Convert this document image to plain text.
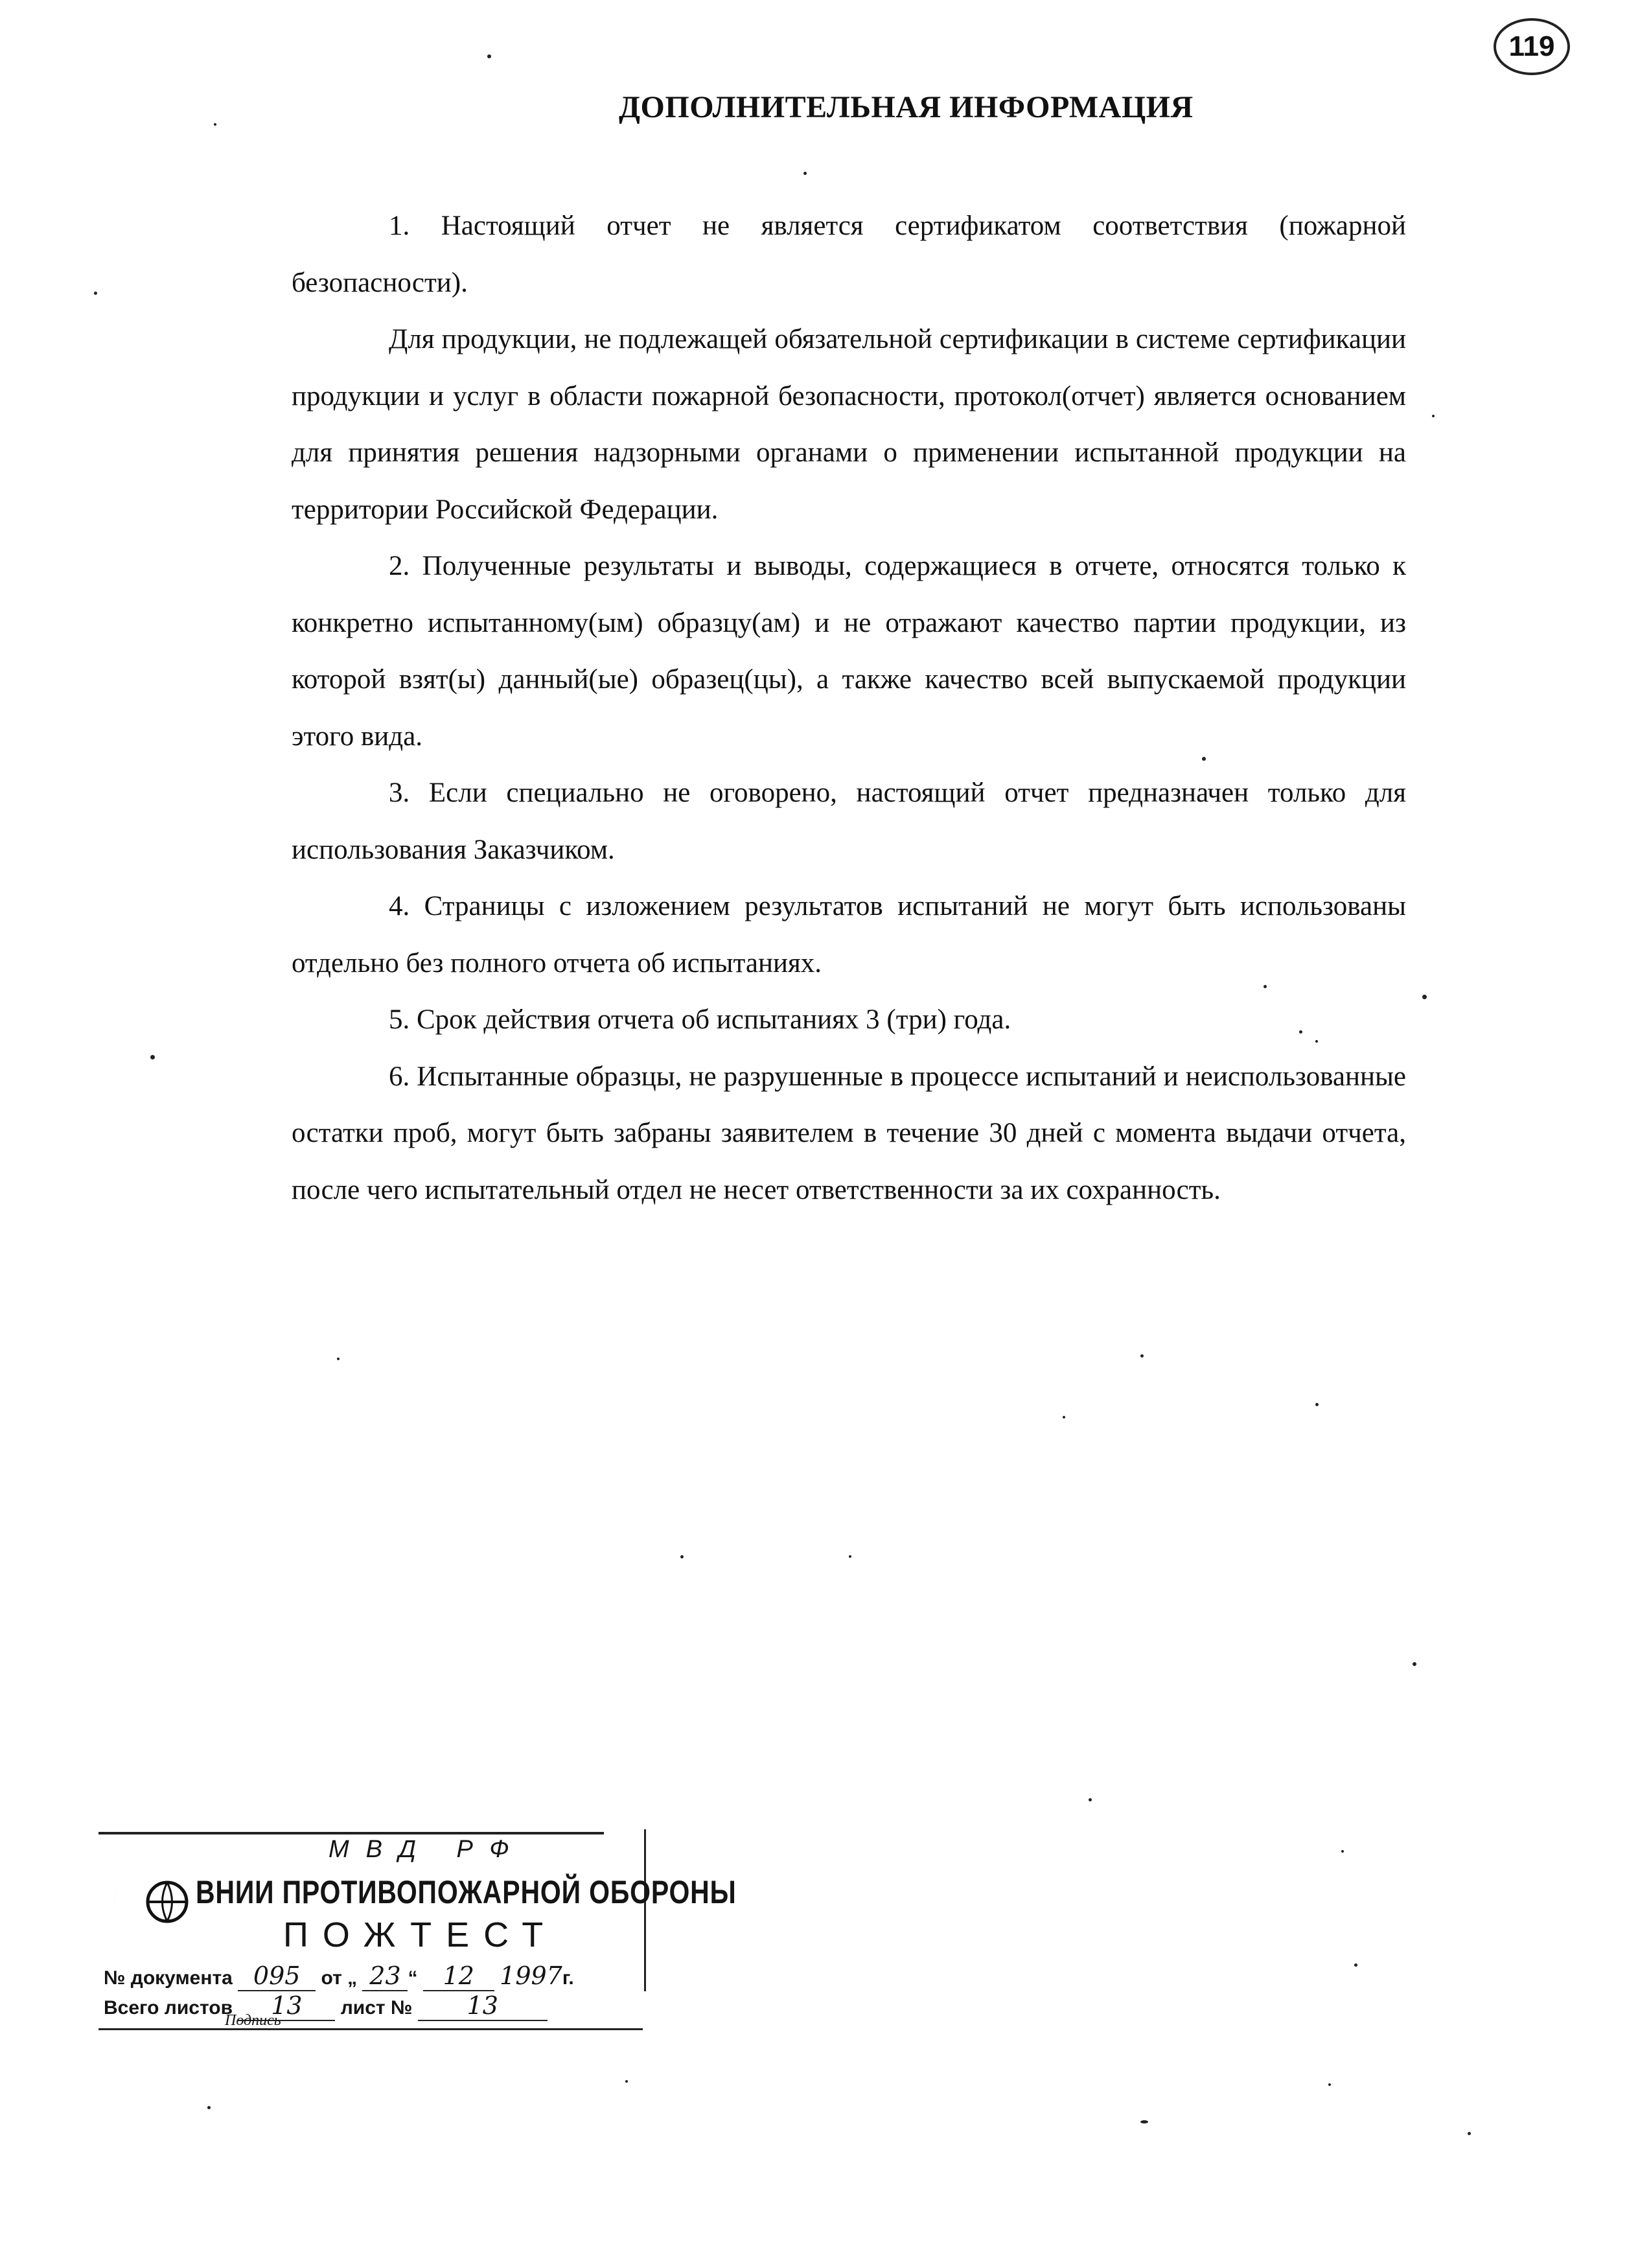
119
ДОПОЛНИТЕЛЬНАЯ ИНФОРМАЦИЯ

1. Настоящий отчет не является сертификатом соответствия (пожарной безопасности).

Для продукции, не подлежащей обязательной сертификации в системе сертификации продукции и услуг в области пожарной безопасности, протокол(отчет) является основанием для принятия решения надзорными органами о применении испытанной продукции на территории Российской Федерации.

2. Полученные результаты и выводы, содержащиеся в отчете, относятся только к конкретно испытанному(ым) образцу(ам) и не отражают качество партии продукции, из которой взят(ы) данный(ые) образец(цы), а также качество всей выпускаемой продукции этого вида.

3. Если специально не оговорено, настоящий отчет предназначен только для использования Заказчиком.

4. Страницы с изложением результатов испытаний не могут быть использованы отдельно без полного отчета об испытаниях.

5. Срок действия отчета об испытаниях 3 (три) года.

6. Испытанные образцы, не разрушенные в процессе испытаний и неиспользованные остатки проб, могут быть забраны заявителем в течение 30 дней с момента выдачи отчета, после чего испытательный отдел не несет ответственности за их сохранность.

МВД РФ
ВНИИ ПРОТИВОПОЖАРНОЙ ОБОРОНЫ
ПОЖТЕСТ
№ документа 095 от „ 23 “ 12 1997г.
Всего листов 13 лист № 13
Подпись
